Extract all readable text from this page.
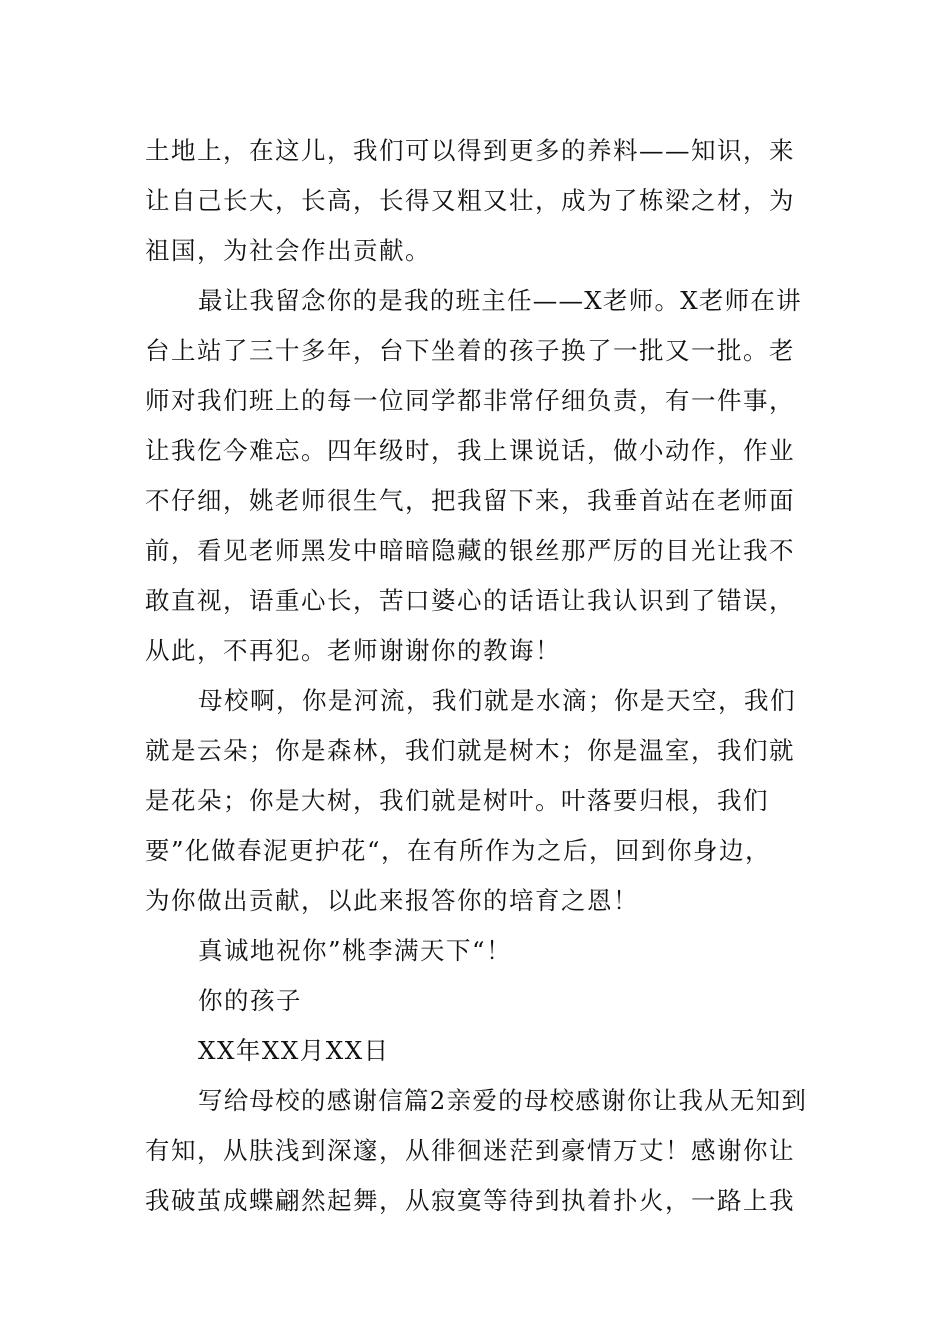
土地上，在这儿，我们可以得到更多的养料——知识，来

让自己长大，长高，长得又粗又壮，成为了栋梁之材，为

祖国，为社会作出贡献。

最让我留念你的是我的班主任——X老师。X老师在讲

台上站了三十多年，台下坐着的孩子换了一批又一批。老

师对我们班上的每一位同学都非常仔细负责，有一件事，

让我仡今难忘。四年级时，我上课说话，做小动作，作业

不仔细，姚老师很生气，把我留下来，我垂首站在老师面

前，看见老师黑发中暗暗隐藏的银丝那严厉的目光让我不

敢直视，语重心长，苦口婆心的话语让我认识到了错误，

从此，不再犯。老师谢谢你的教诲！

母校啊，你是河流，我们就是水滴；你是天空，我们

就是云朵；你是森林，我们就是树木；你是温室，我们就

是花朵；你是大树，我们就是树叶。叶落要归根，我们

要”化做春泥更护花“，在有所作为之后，回到你身边，

为你做出贡献，以此来报答你的培育之恩！

真诚地祝你”桃李满天下“！

你的孩子

XX年XX月XX日

写给母校的感谢信篇2亲爱的母校感谢你让我从无知到

有知，从肤浅到深邃，从徘徊迷茫到豪情万丈！感谢你让

我破茧成蝶翩然起舞，从寂寞等待到执着扑火，一路上我
